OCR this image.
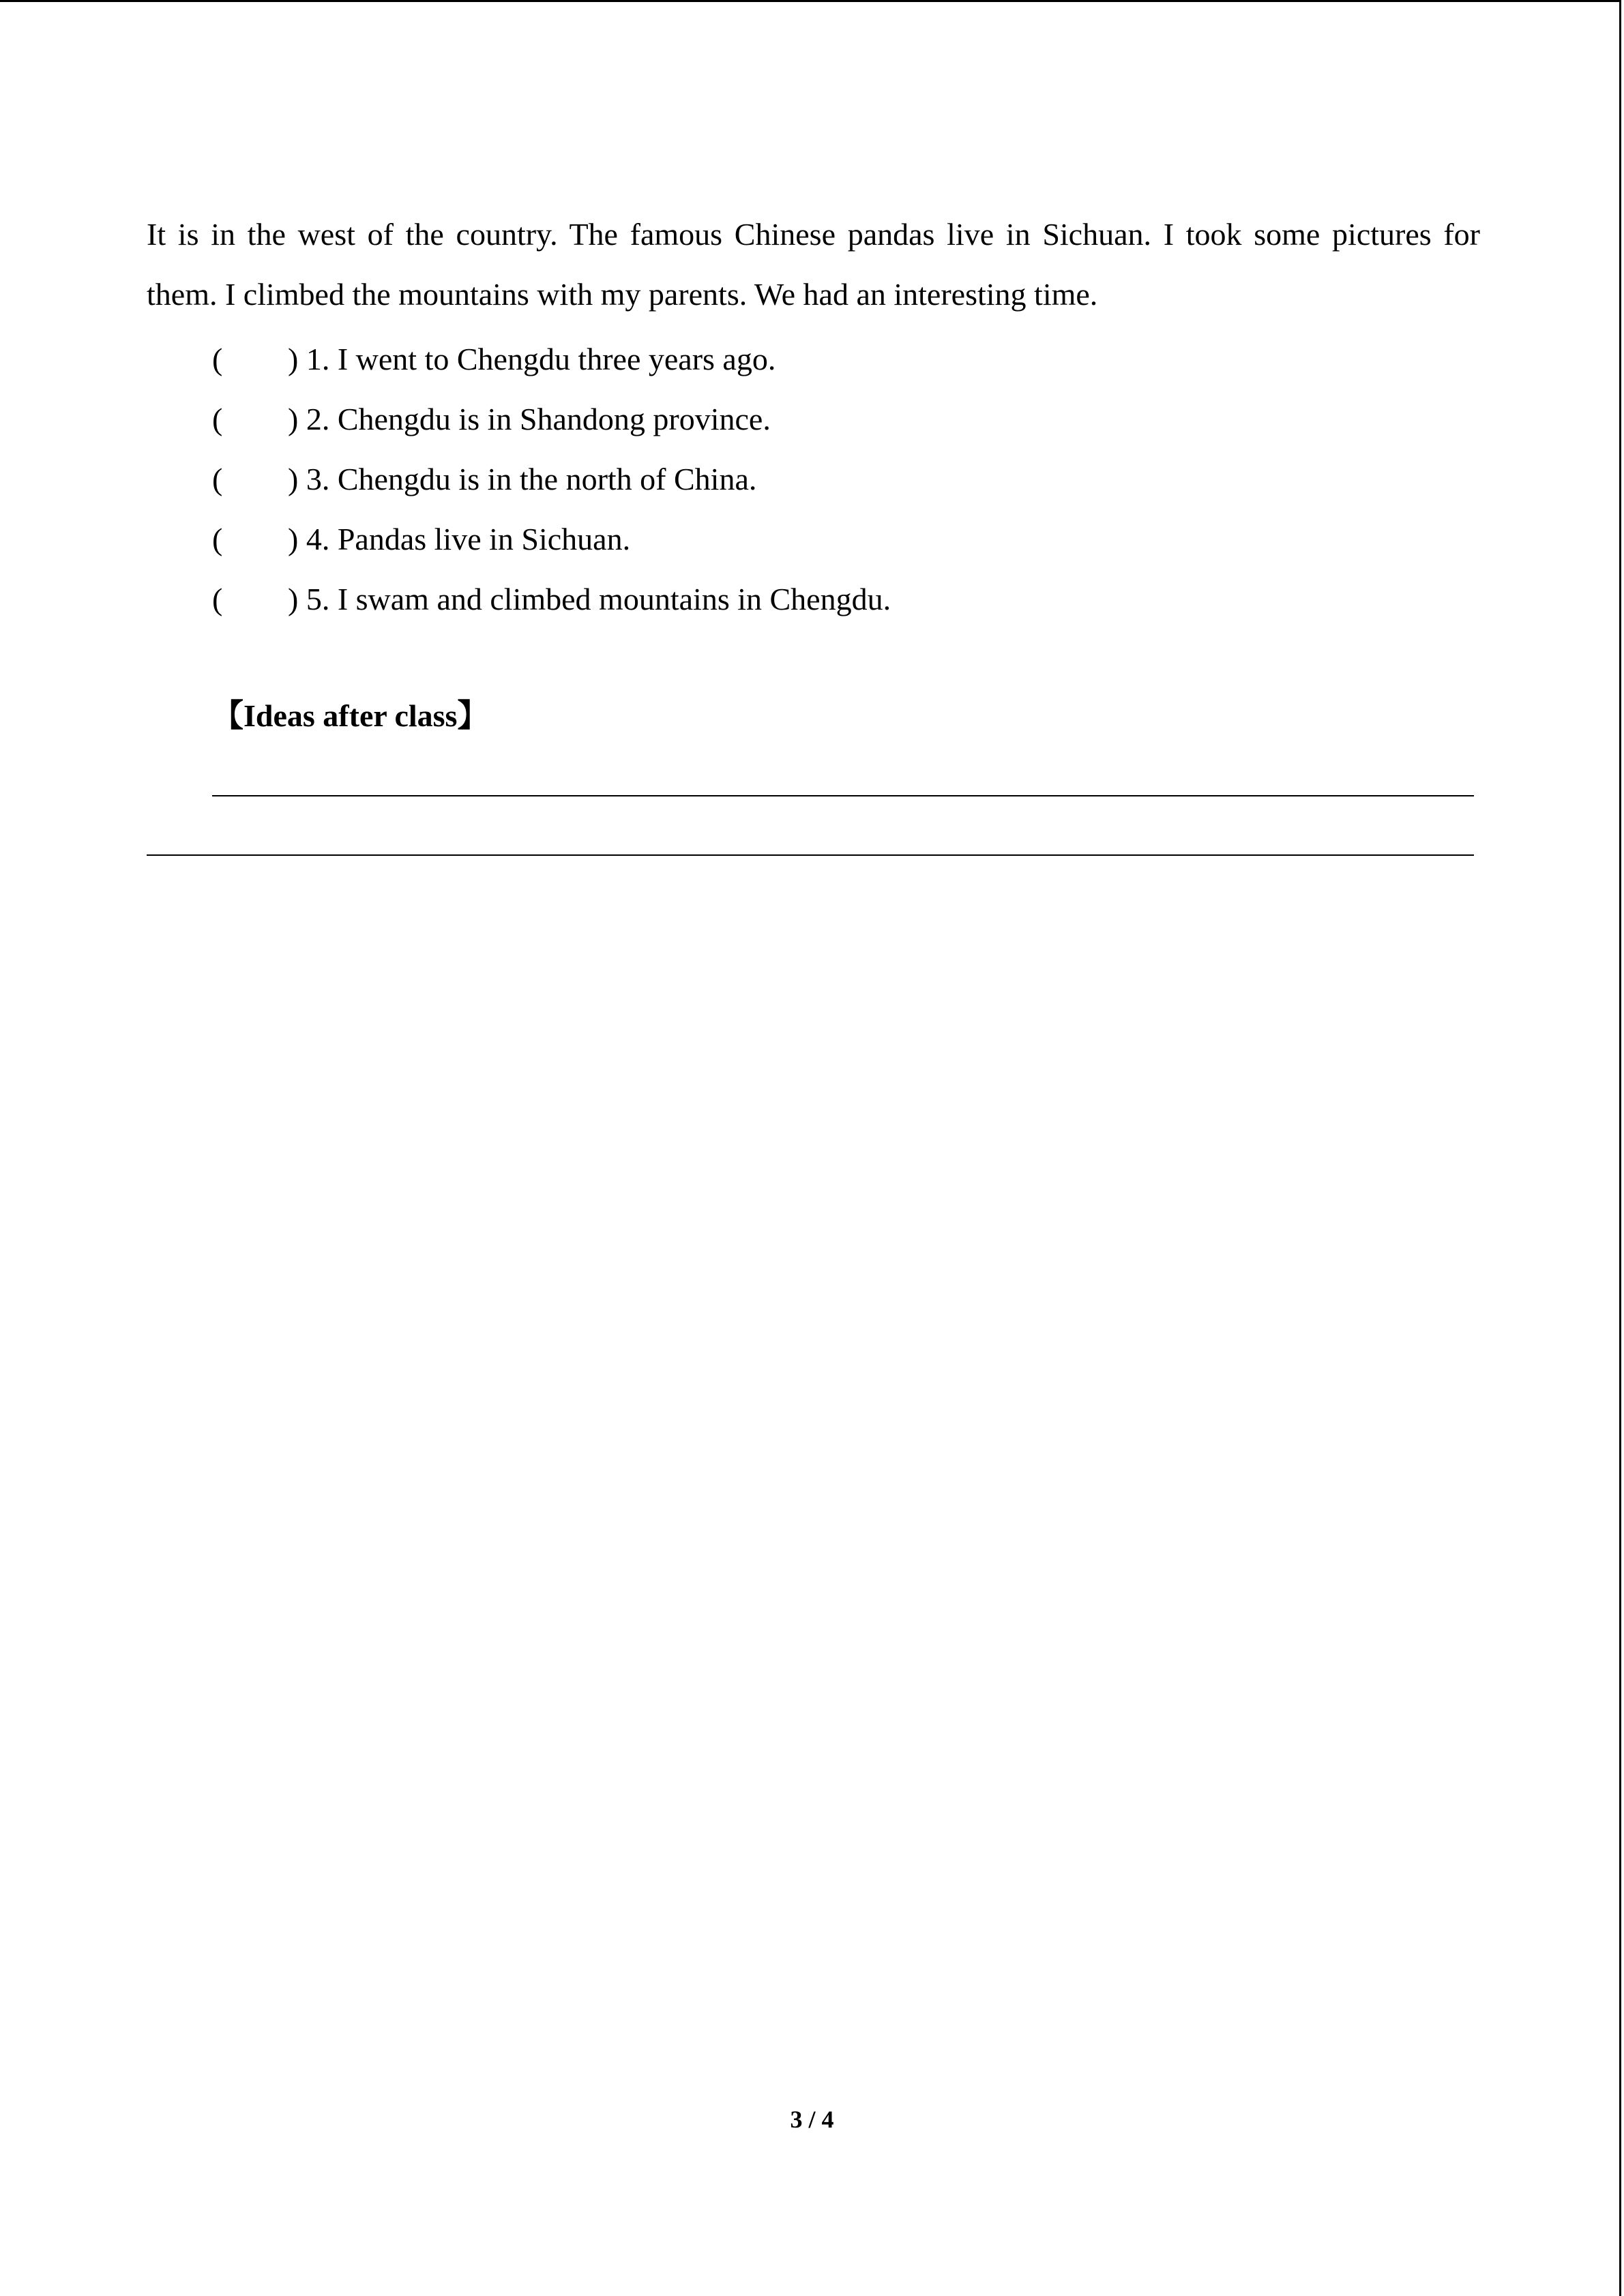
It is in the west of the country. The famous Chinese pandas live in Sichuan. I took some pictures for
them. I climbed the mountains with my parents. We had an interesting time.
(	)
1. I went to Chengdu three years ago.
(	)
2. Chengdu is in Shandong province.
(	)
3. Chengdu is in the north of China.
(	)
4. Pandas live in Sichuan.
(	)
5. I swam and climbed mountains in Chengdu.
【Ideas after class】
3 / 4
